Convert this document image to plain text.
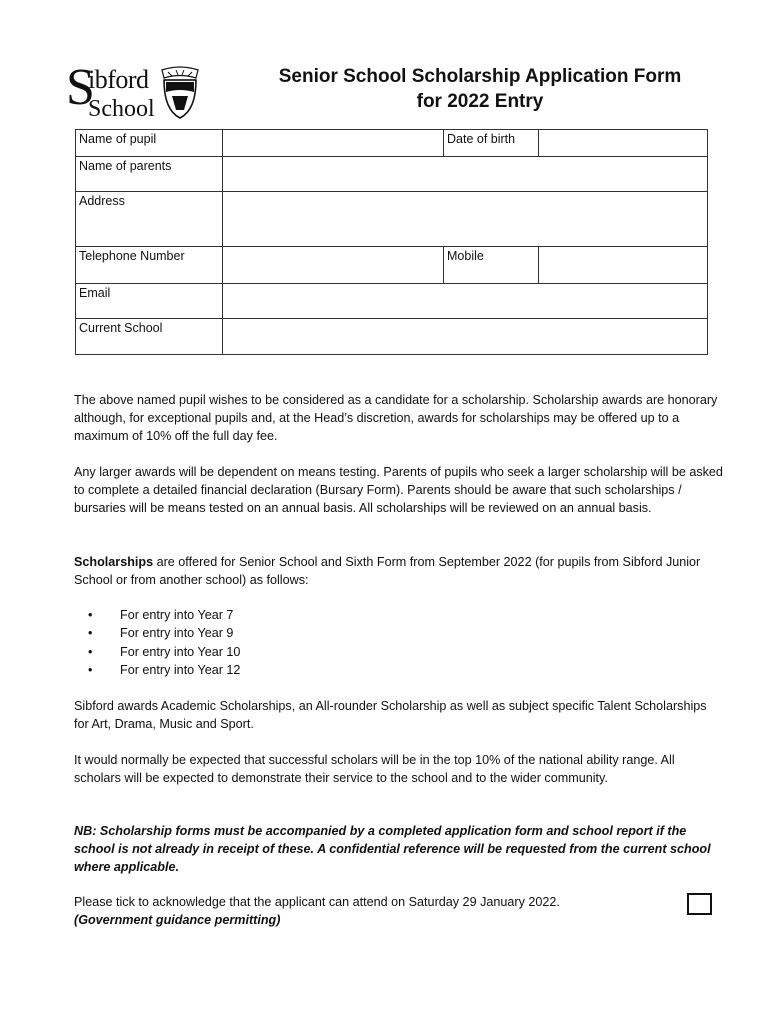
S
ibford
School
Senior School Scholarship Application Form
for 2022 Entry
Name of pupil		Date of birth	
Name of parents			
Address			
Telephone Number		Mobile	
Email			
Current School			

The above named pupil wishes to be considered as a candidate for a scholarship. Scholarship awards are honorary although, for exceptional pupils and, at the Head’s discretion, awards for scholarships may be offered up to a maximum of 10% off the full day fee.

Any larger awards will be dependent on means testing. Parents of pupils who seek a larger scholarship will be asked to complete a detailed financial declaration (Bursary Form). Parents should be aware that such scholarships / bursaries will be means tested on an annual basis. All scholarships will be reviewed on an annual basis.

Scholarships are offered for Senior School and Sixth Form from September 2022 (for pupils from Sibford Junior School or from another school) as follows:

• For entry into Year 7
• For entry into Year 9
• For entry into Year 10
• For entry into Year 12

Sibford awards Academic Scholarships, an All-rounder Scholarship as well as subject specific Talent Scholarships for Art, Drama, Music and Sport.

It would normally be expected that successful scholars will be in the top 10% of the national ability range. All scholars will be expected to demonstrate their service to the school and to the wider community.

NB: Scholarship forms must be accompanied by a completed application form and school report if the school is not already in receipt of these. A confidential reference will be requested from the current school where applicable.

Please tick to acknowledge that the applicant can attend on Saturday 29 January 2022.

(Government guidance permitting)
